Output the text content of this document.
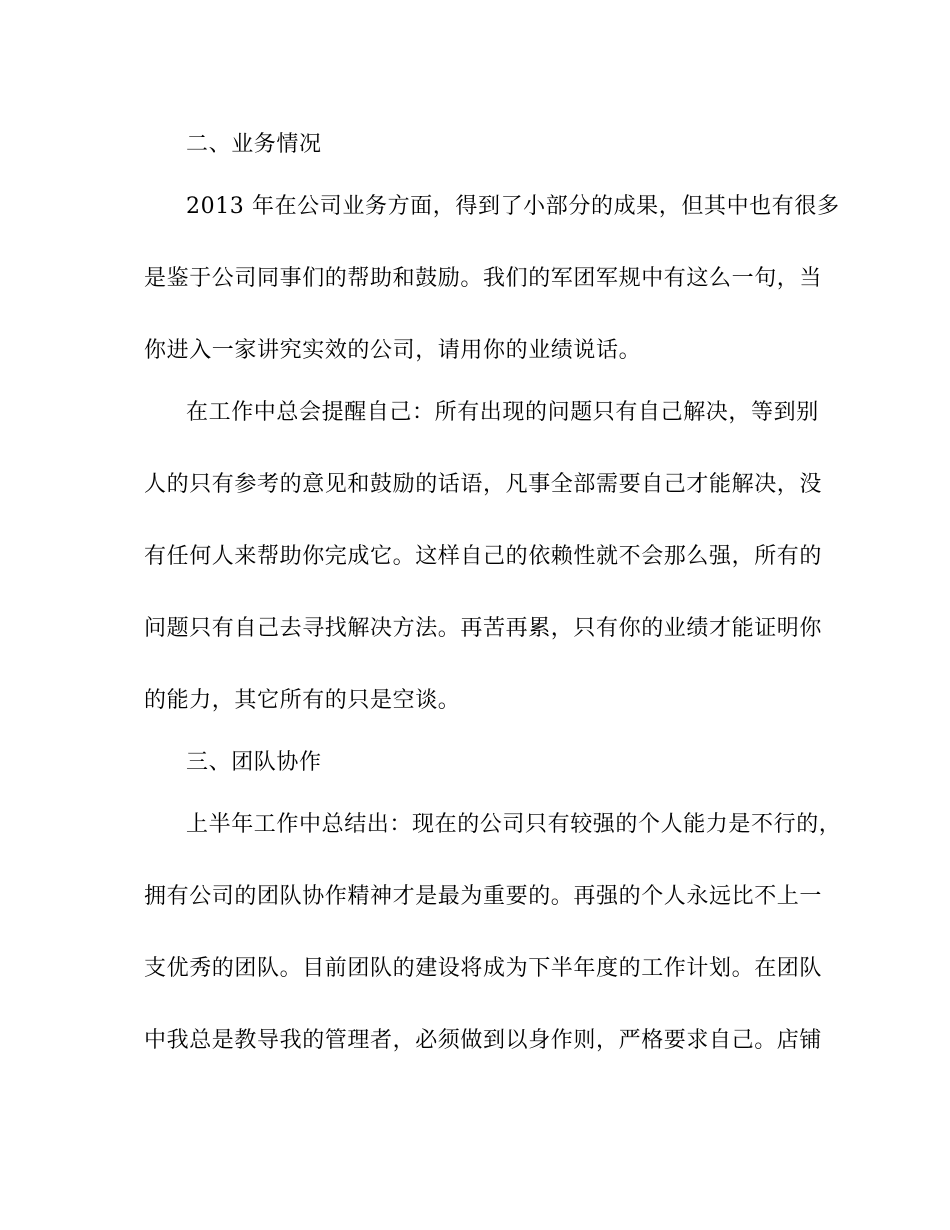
二、业务情况
2013 年在公司业务方面，得到了小部分的成果，但其中也有很多
是鉴于公司同事们的帮助和鼓励。我们的军团军规中有这么一句，当
你进入一家讲究实效的公司，请用你的业绩说话。
在工作中总会提醒自己：所有出现的问题只有自己解决，等到别
人的只有参考的意见和鼓励的话语，凡事全部需要自己才能解决，没
有任何人来帮助你完成它。这样自己的依赖性就不会那么强，所有的
问题只有自己去寻找解决方法。再苦再累，只有你的业绩才能证明你
的能力，其它所有的只是空谈。
三、团队协作
上半年工作中总结出：现在的公司只有较强的个人能力是不行的，
拥有公司的团队协作精神才是最为重要的。再强的个人永远比不上一
支优秀的团队。目前团队的建设将成为下半年度的工作计划。在团队
中我总是教导我的管理者，必须做到以身作则，严格要求自己。店铺
